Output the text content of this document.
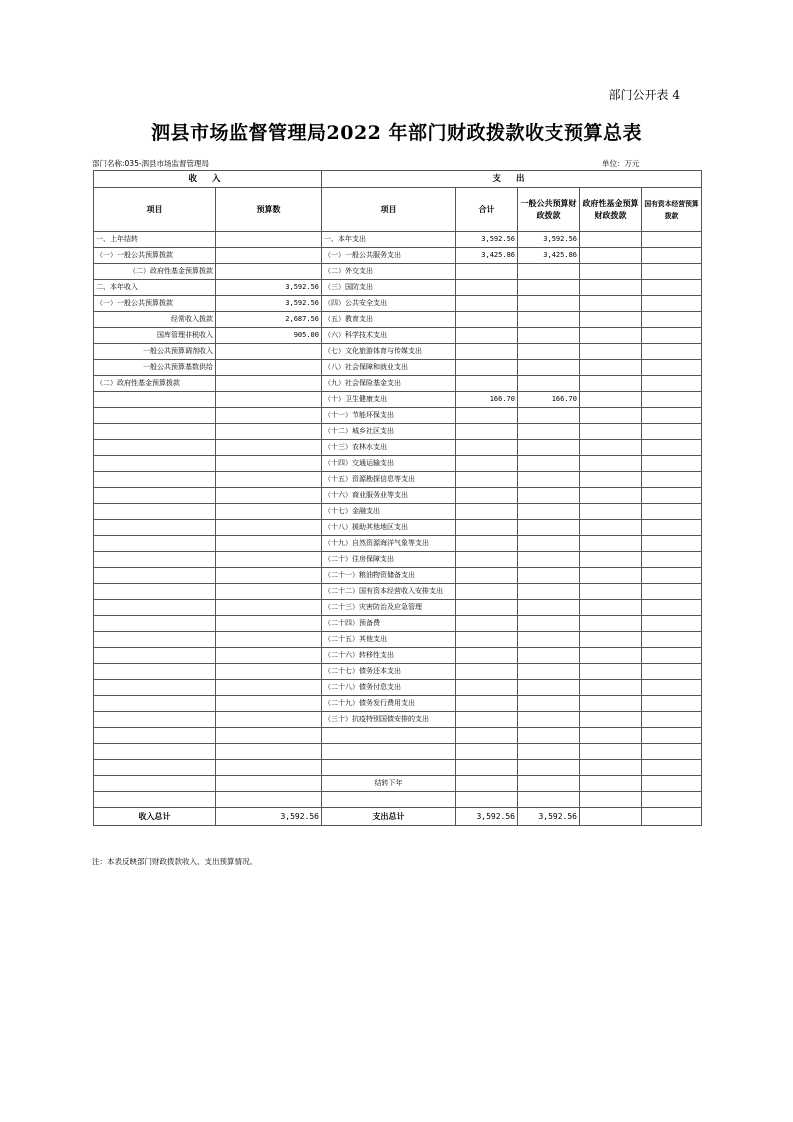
部门公开表 4
泗县市场监督管理局2022 年部门财政拨款收支预算总表
部门名称:035-泗县市场监督管理局	单位：万元
收 入		支 出				
项目	预算数	项目	合计	一般公共预算财政拨款	政府性基金预算财政拨款	国有资本经营预算拨款
一、上年结转		一、本年支出	3,592.56	3,592.56		
（一）一般公共预算拨款		（一）一般公共服务支出	3,425.86	3,425.86		
（二）政府性基金预算拨款		（二）外交支出				
二、本年收入	3,592.56	（三）国防支出				
（一）一般公共预算拨款	3,592.56	（四）公共安全支出				
经常收入拨款	2,687.56	（五）教育支出				
国库管理非税收入	905.00	（六）科学技术支出				
一般公共预算调剂收入		（七）文化旅游体育与传媒支出				
一般公共预算基数供给		（八）社会保障和就业支出				
（二）政府性基金预算拨款		（九）社会保险基金支出				
		（十）卫生健康支出	166.70	166.70		
		（十一）节能环保支出				
		（十二）城乡社区支出				
		（十三）农林水支出				
		（十四）交通运输支出				
		（十五）资源勘探信息等支出				
		（十六）商业服务业等支出				
		（十七）金融支出				
		（十八）援助其他地区支出				
		（十九）自然资源海洋气象等支出				
		（二十）住房保障支出				
		（二十一）粮油物资储备支出				
		（二十二）国有资本经营收入安排支出				
		（二十三）灾害防治及应急管理				
		（二十四）预备费				
		（二十五）其他支出				
		（二十六）转移性支出				
		（二十七）债务还本支出				
		（二十八）债务付息支出				
		（二十九）债务发行费用支出				
		（三十）抗疫特别国债安排的支出				

		结转下年				

收入总计	3,592.56	支出总计	3,592.56	3,592.56		
注：本表反映部门财政拨款收入、支出预算情况。
